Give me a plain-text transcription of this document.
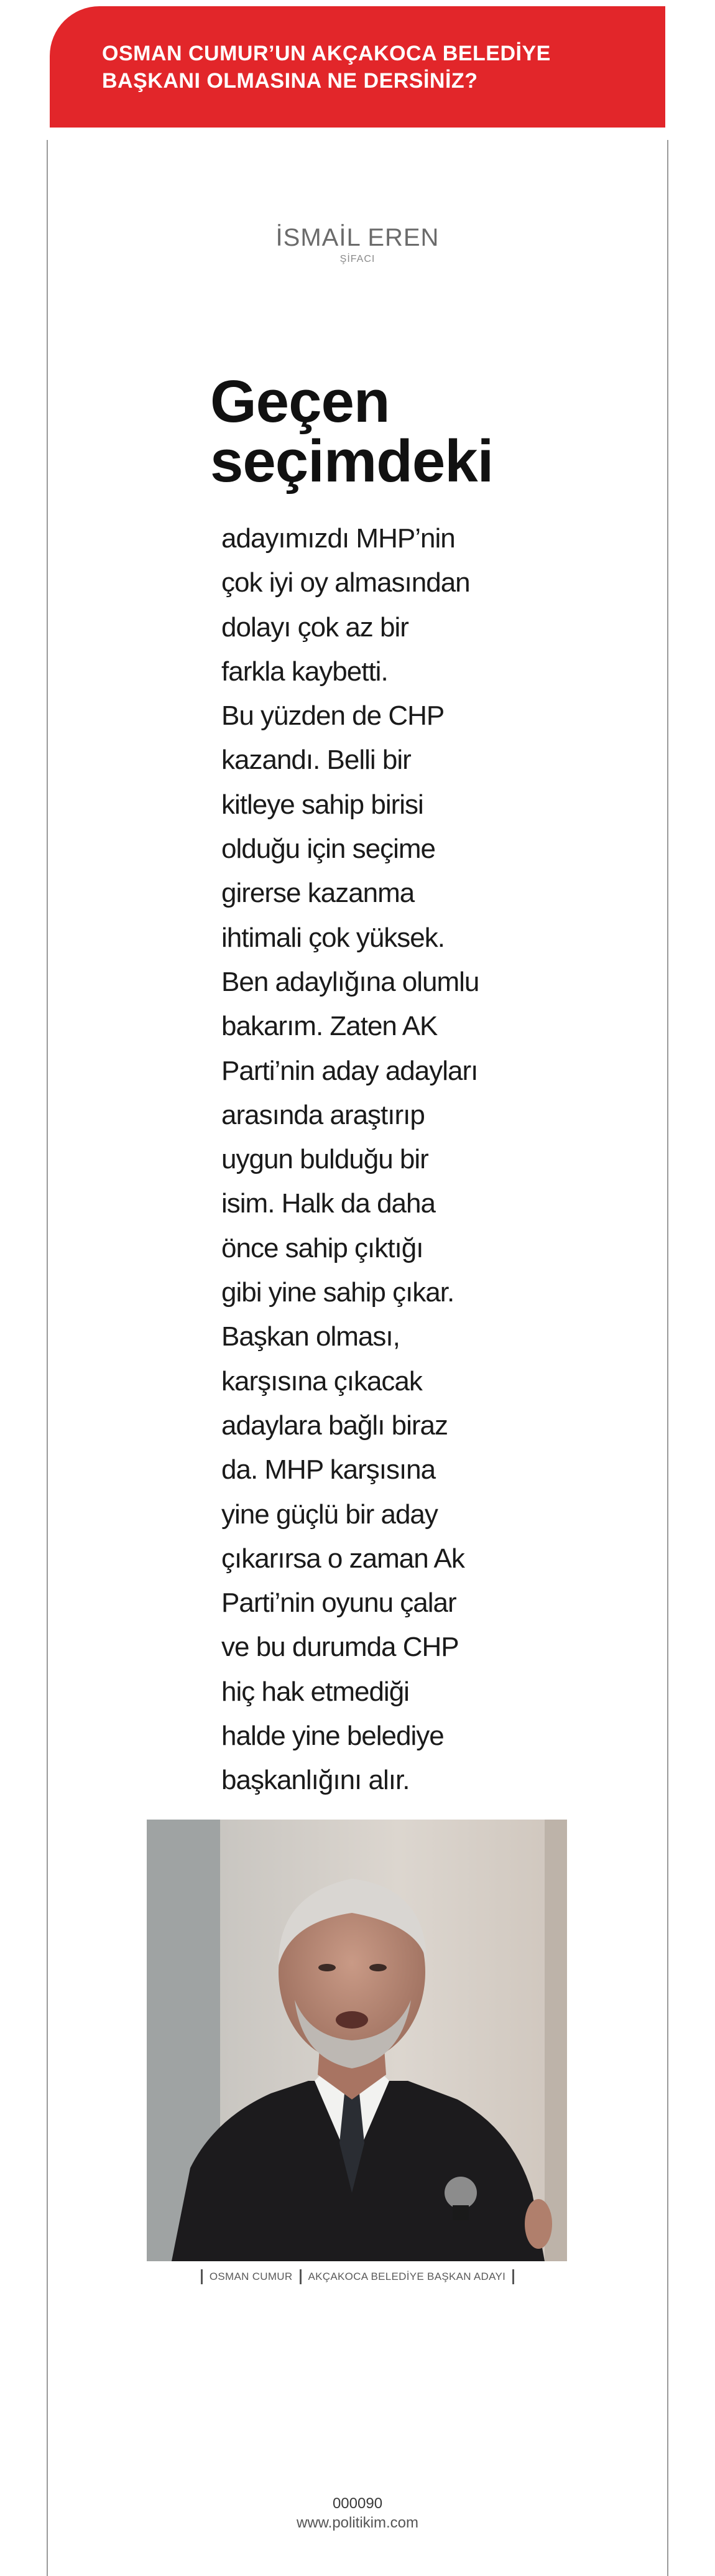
OSMAN CUMUR’UN AKÇAKOCA BELEDİYE BAŞKANI OLMASINA NE DERSİNİZ?

İSMAİL EREN
ŞİFACI
Geçen
seçimdeki
adayımızdı MHP’nin
çok iyi oy almasından
dolayı çok az bir
farkla kaybetti.
Bu yüzden de CHP
kazandı. Belli bir
kitleye sahip birisi
olduğu için seçime
girerse kazanma
ihtimali çok yüksek.
Ben adaylığına olumlu
bakarım. Zaten AK
Parti’nin aday adayları
arasında araştırıp
uygun bulduğu bir
isim. Halk da daha
önce sahip çıktığı
gibi yine sahip çıkar.
Başkan olması,
karşısına çıkacak
adaylara bağlı biraz
da. MHP karşısına
yine güçlü bir aday
çıkarırsa o zaman Ak
Parti’nin oyunu çalar
ve bu durumda CHP
hiç hak etmediği
halde yine belediye
başkanlığını alır.
OSMAN CUMUR AKÇAKOCA BELEDİYE BAŞKAN ADAYI
000090
www.politikim.com
